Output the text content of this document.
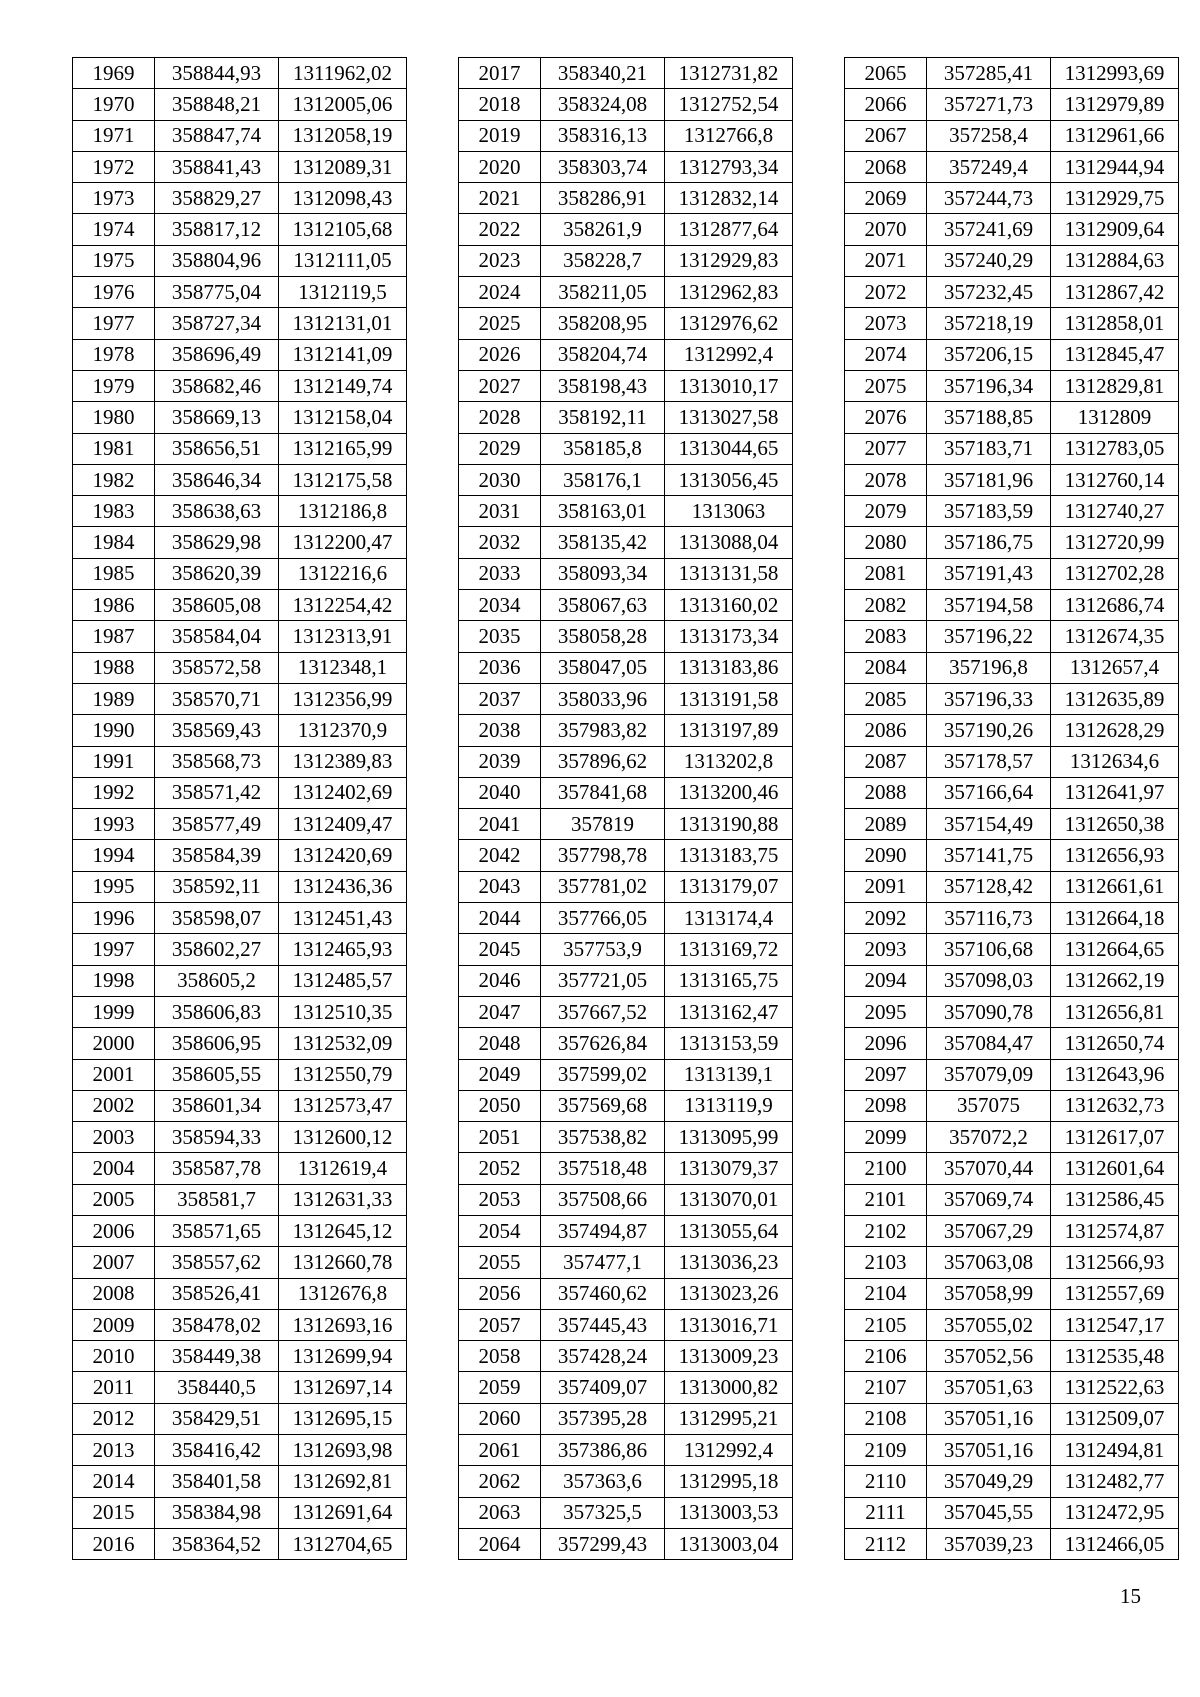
1969	358844,93	1311962,02
1970	358848,21	1312005,06
1971	358847,74	1312058,19
1972	358841,43	1312089,31
1973	358829,27	1312098,43
1974	358817,12	1312105,68
1975	358804,96	1312111,05
1976	358775,04	1312119,5
1977	358727,34	1312131,01
1978	358696,49	1312141,09
1979	358682,46	1312149,74
1980	358669,13	1312158,04
1981	358656,51	1312165,99
1982	358646,34	1312175,58
1983	358638,63	1312186,8
1984	358629,98	1312200,47
1985	358620,39	1312216,6
1986	358605,08	1312254,42
1987	358584,04	1312313,91
1988	358572,58	1312348,1
1989	358570,71	1312356,99
1990	358569,43	1312370,9
1991	358568,73	1312389,83
1992	358571,42	1312402,69
1993	358577,49	1312409,47
1994	358584,39	1312420,69
1995	358592,11	1312436,36
1996	358598,07	1312451,43
1997	358602,27	1312465,93
1998	358605,2	1312485,57
1999	358606,83	1312510,35
2000	358606,95	1312532,09
2001	358605,55	1312550,79
2002	358601,34	1312573,47
2003	358594,33	1312600,12
2004	358587,78	1312619,4
2005	358581,7	1312631,33
2006	358571,65	1312645,12
2007	358557,62	1312660,78
2008	358526,41	1312676,8
2009	358478,02	1312693,16
2010	358449,38	1312699,94
2011	358440,5	1312697,14
2012	358429,51	1312695,15
2013	358416,42	1312693,98
2014	358401,58	1312692,81
2015	358384,98	1312691,64
2016	358364,52	1312704,65
2017	358340,21	1312731,82
2018	358324,08	1312752,54
2019	358316,13	1312766,8
2020	358303,74	1312793,34
2021	358286,91	1312832,14
2022	358261,9	1312877,64
2023	358228,7	1312929,83
2024	358211,05	1312962,83
2025	358208,95	1312976,62
2026	358204,74	1312992,4
2027	358198,43	1313010,17
2028	358192,11	1313027,58
2029	358185,8	1313044,65
2030	358176,1	1313056,45
2031	358163,01	1313063
2032	358135,42	1313088,04
2033	358093,34	1313131,58
2034	358067,63	1313160,02
2035	358058,28	1313173,34
2036	358047,05	1313183,86
2037	358033,96	1313191,58
2038	357983,82	1313197,89
2039	357896,62	1313202,8
2040	357841,68	1313200,46
2041	357819	1313190,88
2042	357798,78	1313183,75
2043	357781,02	1313179,07
2044	357766,05	1313174,4
2045	357753,9	1313169,72
2046	357721,05	1313165,75
2047	357667,52	1313162,47
2048	357626,84	1313153,59
2049	357599,02	1313139,1
2050	357569,68	1313119,9
2051	357538,82	1313095,99
2052	357518,48	1313079,37
2053	357508,66	1313070,01
2054	357494,87	1313055,64
2055	357477,1	1313036,23
2056	357460,62	1313023,26
2057	357445,43	1313016,71
2058	357428,24	1313009,23
2059	357409,07	1313000,82
2060	357395,28	1312995,21
2061	357386,86	1312992,4
2062	357363,6	1312995,18
2063	357325,5	1313003,53
2064	357299,43	1313003,04
2065	357285,41	1312993,69
2066	357271,73	1312979,89
2067	357258,4	1312961,66
2068	357249,4	1312944,94
2069	357244,73	1312929,75
2070	357241,69	1312909,64
2071	357240,29	1312884,63
2072	357232,45	1312867,42
2073	357218,19	1312858,01
2074	357206,15	1312845,47
2075	357196,34	1312829,81
2076	357188,85	1312809
2077	357183,71	1312783,05
2078	357181,96	1312760,14
2079	357183,59	1312740,27
2080	357186,75	1312720,99
2081	357191,43	1312702,28
2082	357194,58	1312686,74
2083	357196,22	1312674,35
2084	357196,8	1312657,4
2085	357196,33	1312635,89
2086	357190,26	1312628,29
2087	357178,57	1312634,6
2088	357166,64	1312641,97
2089	357154,49	1312650,38
2090	357141,75	1312656,93
2091	357128,42	1312661,61
2092	357116,73	1312664,18
2093	357106,68	1312664,65
2094	357098,03	1312662,19
2095	357090,78	1312656,81
2096	357084,47	1312650,74
2097	357079,09	1312643,96
2098	357075	1312632,73
2099	357072,2	1312617,07
2100	357070,44	1312601,64
2101	357069,74	1312586,45
2102	357067,29	1312574,87
2103	357063,08	1312566,93
2104	357058,99	1312557,69
2105	357055,02	1312547,17
2106	357052,56	1312535,48
2107	357051,63	1312522,63
2108	357051,16	1312509,07
2109	357051,16	1312494,81
2110	357049,29	1312482,77
2111	357045,55	1312472,95
2112	357039,23	1312466,05
15
